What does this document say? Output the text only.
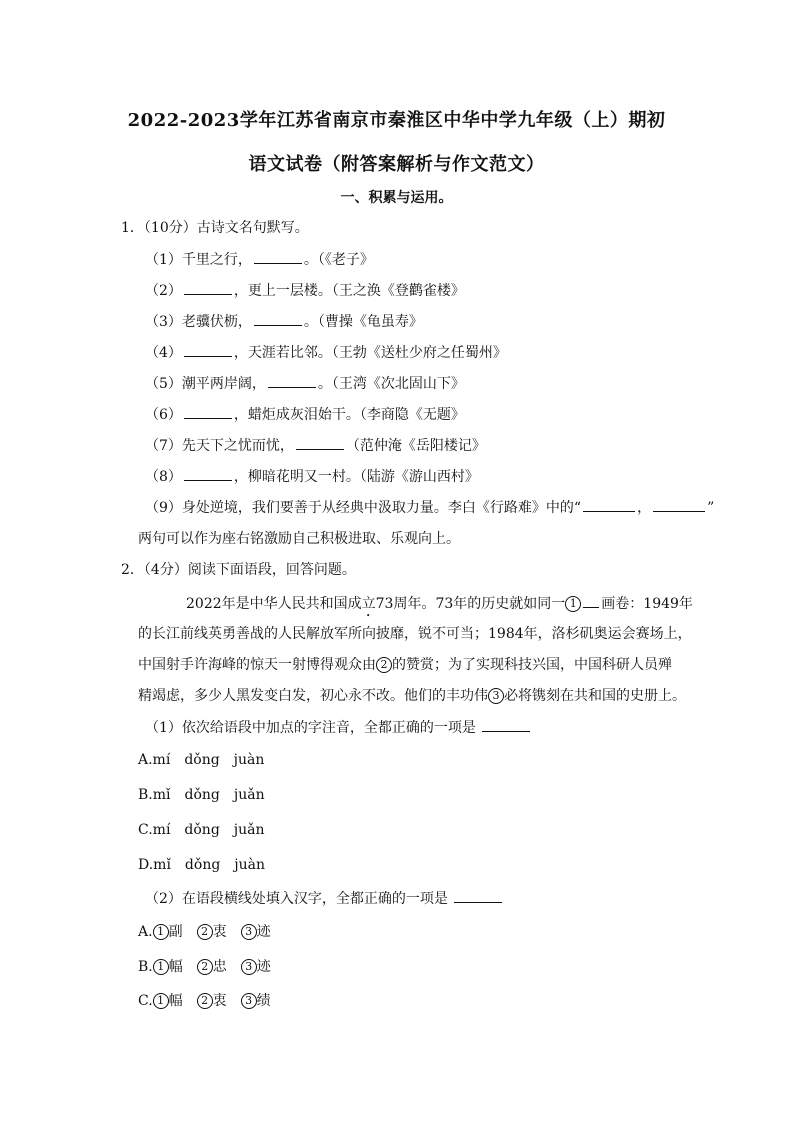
2022-2023学年江苏省南京市秦淮区中华中学九年级（上）期初
语文试卷（附答案解析与作文范文）
一、积累与运用。
1．（10分）古诗文名句默写。
（1）千里之行，	。（《老子》
（2）	，更上一层楼。（王之涣《登鹳雀楼》
（3）老骥伏枥，	。（曹操《龟虽寿》
（4）	，天涯若比邻。（王勃《送杜少府之任蜀州》
（5）潮平两岸阔，	。（王湾《次北固山下》
（6）	，蜡炬成灰泪始干。（李商隐《无题》
（7）先天下之忧而忧，	（范仲淹《岳阳楼记》
（8）	，柳暗花明又一村。（陆游《游山西村》
（9）身处逆境，我们要善于从经典中汲取力量。李白《行路难》中的“	，	”
两句可以作为座右铭激励自己积极进取、乐观向上。
2．（4分）阅读下面语段，回答问题。
2022年是中华人民共和国成立73周年。73年的历史就如同一 1 画卷：1949年
的长江前线英勇善战的人民解放军所向披靡，锐不可当；1984年，洛杉矶奥运会赛场上，
中国射手许海峰的惊天一射博得观众由 2 的赞赏；为了实现科技兴国，中国科研人员殚
精竭虑，多少人黑发变白发，初心永不改。他们的丰功伟 3 必将镌刻在共和国的史册上。
（1）依次给语段中加点的字注音，全都正确的一项是
A.mí　dǒng　juàn
B.mǐ　dǒng　juǎn
C.mí　dǒng　juǎn
D.mǐ　dǒng　juàn
（2）在语段横线处填入汉字，全都正确的一项是
A. 1 副　 2 衷　 3 迹
B. 1 幅　 2 忠　 3 迹
C. 1 幅　 2 衷　 3 绩
